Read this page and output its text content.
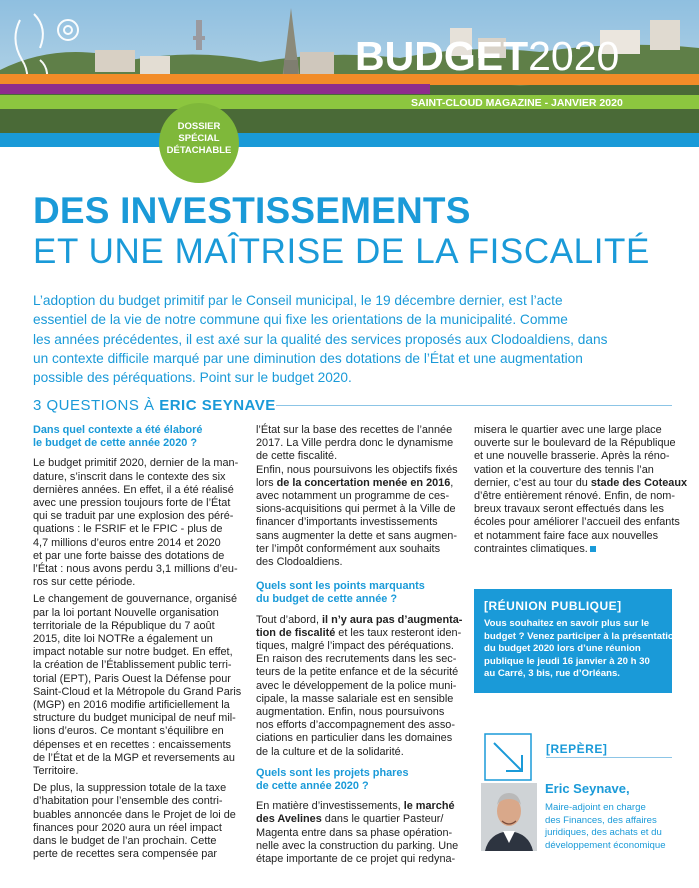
BUDGET2020
SAINT-CLOUD MAGAZINE - JANVIER 2020
DOSSIER
SPÉCIAL
DÉTACHABLE
DES INVESTISSEMENTS
ET UNE MAÎTRISE DE LA FISCALITÉ

L’adoption du budget primitif par le Conseil municipal, le 19 décembre dernier, est l’acte

essentiel de la vie de notre commune qui fixe les orientations de la municipalité. Comme

les années précédentes, il est axé sur la qualité des services proposés aux Clodoaldiens, dans

un contexte difficile marqué par une diminution des dotations de l’État et une augmentation

possible des péréquations. Point sur le budget 2020.

3 QUESTIONS À ERIC SEYNAVE

Dans quel contexte a été élaboré

le budget de cette année 2020 ?

Le budget primitif 2020, dernier de la man-

dature, s’inscrit dans le contexte des six

dernières années. En effet, il a été réalisé

avec une pression toujours forte de l’État

qui se traduit par une explosion des péré-

quations : le FSRIF et le FPIC - plus de

4,7 millions d’euros entre 2014 et 2020

et par une forte baisse des dotations de

l’État : nous avons perdu 3,1 millions d’eu-

ros sur cette période.

Le changement de gouvernance, organisé

par la loi portant Nouvelle organisation

territoriale de la République du 7 août

2015, dite loi NOTRe a également un

impact notable sur notre budget. En effet,

la création de l’Établissement public terri-

torial (EPT), Paris Ouest la Défense pour

Saint-Cloud et la Métropole du Grand Paris

(MGP) en 2016 modifie artificiellement la

structure du budget municipal de neuf mil-

lions d’euros. Ce montant s’équilibre en

dépenses et en recettes : encaissements

de l’État et de la MGP et reversements au

Territoire.

De plus, la suppression totale de la taxe

d’habitation pour l’ensemble des contri-

buables annoncée dans le Projet de loi de

finances pour 2020 aura un réel impact

dans le budget de l’an prochain. Cette

perte de recettes sera compensée par

l’État sur la base des recettes de l’année

2017. La Ville perdra donc le dynamisme

de cette fiscalité.

Enfin, nous poursuivons les objectifs fixés

lors de la concertation menée en 2016,

avec notamment un programme de ces-

sions-acquisitions qui permet à la Ville de

financer d’importants investissements

sans augmenter la dette et sans augmen-

ter l’impôt conformément aux souhaits

des Clodoaldiens.

Quels sont les points marquants

du budget de cette année ?

Tout d’abord, il n’y aura pas d’augmenta-

tion de fiscalité et les taux resteront iden-

tiques, malgré l’impact des péréquations.

En raison des recrutements dans les sec-

teurs de la petite enfance et de la sécurité

avec le développement de la police muni-

cipale, la masse salariale est en sensible

augmentation. Enfin, nous poursuivons

nos efforts d’accompagnement des asso-

ciations en particulier dans les domaines

de la culture et de la solidarité.

Quels sont les projets phares

de cette année 2020 ?

En matière d’investissements, le marché

des Avelines dans le quartier Pasteur/

Magenta entre dans sa phase opération-

nelle avec la construction du parking. Une

étape importante de ce projet qui redyna-

misera le quartier avec une large place

ouverte sur le boulevard de la République

et une nouvelle brasserie. Après la réno-

vation et la couverture des tennis l’an

dernier, c’est au tour du stade des Coteaux

d’être entièrement rénové. Enfin, de nom-

breux travaux seront effectués dans les

écoles pour améliorer l’accueil des enfants

et notamment faire face aux nouvelles

contraintes climatiques.

[RÉUNION PUBLIQUE]

Vous souhaitez en savoir plus sur le

budget ? Venez participer à la présentation

du budget 2020 lors d’une réunion

publique le jeudi 16 janvier à 20 h 30

au Carré, 3 bis, rue d’Orléans.

[REPÈRE]
Eric Seynave,

Maire-adjoint en charge

des Finances, des affaires

juridiques, des achats et du

développement économique
